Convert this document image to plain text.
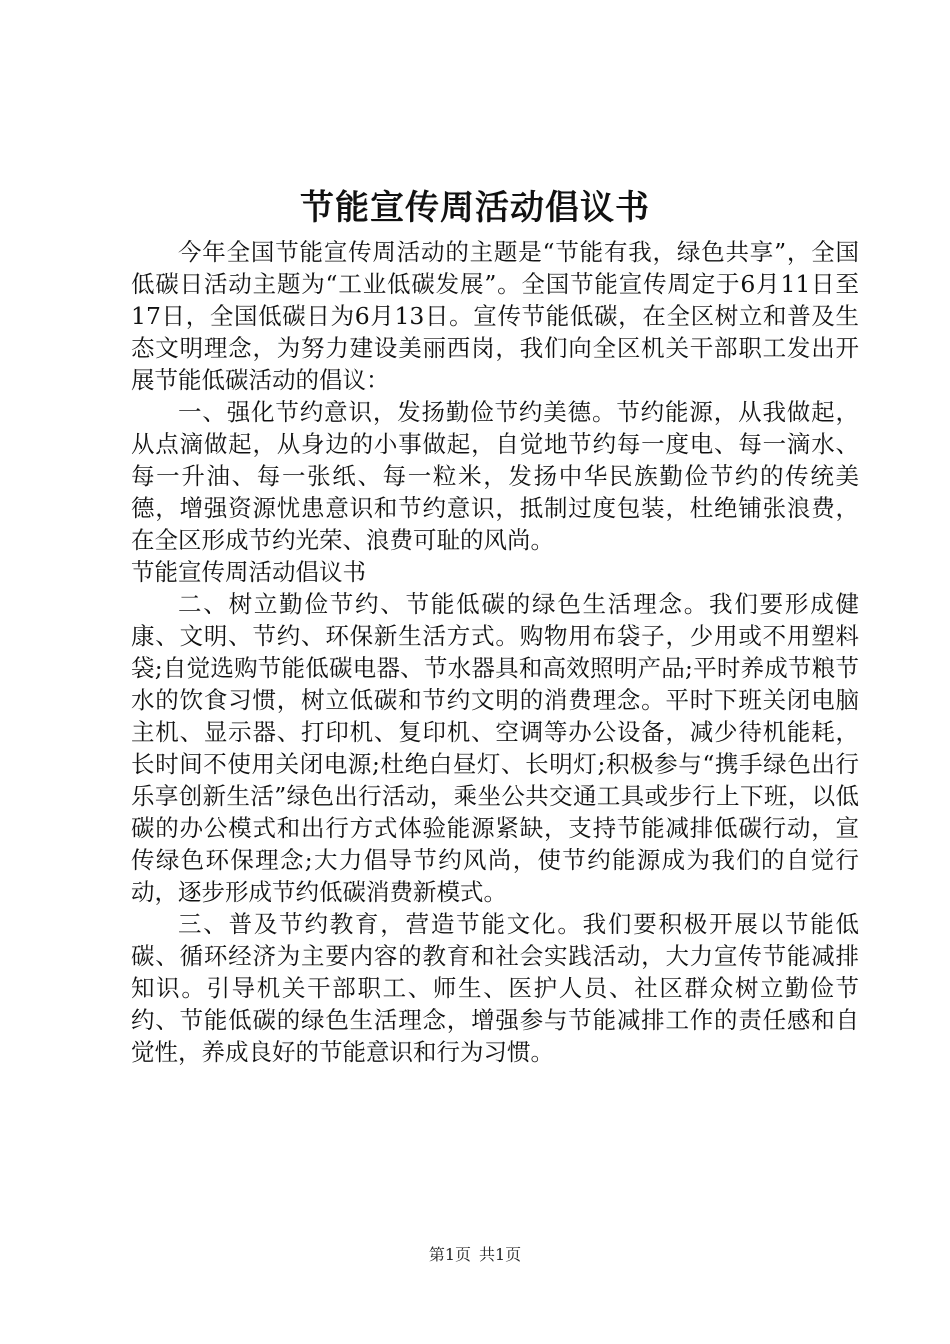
节能宣传周活动倡议书

今年全国节能宣传周活动的主题是“节能有我，绿色共享”，全国低碳日活动主题为“工业低碳发展”。全国节能宣传周定于6月11日至17日，全国低碳日为6月13日。宣传节能低碳，在全区树立和普及生态文明理念，为努力建设美丽西岗，我们向全区机关干部职工发出开展节能低碳活动的倡议：

一、强化节约意识，发扬勤俭节约美德。节约能源，从我做起，从点滴做起，从身边的小事做起，自觉地节约每一度电、每一滴水、每一升油、每一张纸、每一粒米，发扬中华民族勤俭节约的传统美德，增强资源忧患意识和节约意识，抵制过度包装，杜绝铺张浪费，在全区形成节约光荣、浪费可耻的风尚。

节能宣传周活动倡议书

二、树立勤俭节约、节能低碳的绿色生活理念。我们要形成健康、文明、节约、环保新生活方式。购物用布袋子，少用或不用塑料袋;自觉选购节能低碳电器、节水器具和高效照明产品;平时养成节粮节水的饮食习惯，树立低碳和节约文明的消费理念。平时下班关闭电脑主机、显示器、打印机、复印机、空调等办公设备，减少待机能耗，长时间不使用关闭电源;杜绝白昼灯、长明灯;积极参与“携手绿色出行乐享创新生活”绿色出行活动，乘坐公共交通工具或步行上下班，以低碳的办公模式和出行方式体验能源紧缺，支持节能减排低碳行动，宣传绿色环保理念;大力倡导节约风尚，使节约能源成为我们的自觉行动，逐步形成节约低碳消费新模式。

三、普及节约教育，营造节能文化。我们要积极开展以节能低碳、循环经济为主要内容的教育和社会实践活动，大力宣传节能减排知识。引导机关干部职工、师生、医护人员、社区群众树立勤俭节约、节能低碳的绿色生活理念，增强参与节能减排工作的责任感和自觉性，养成良好的节能意识和行为习惯。

第1页 共1页
